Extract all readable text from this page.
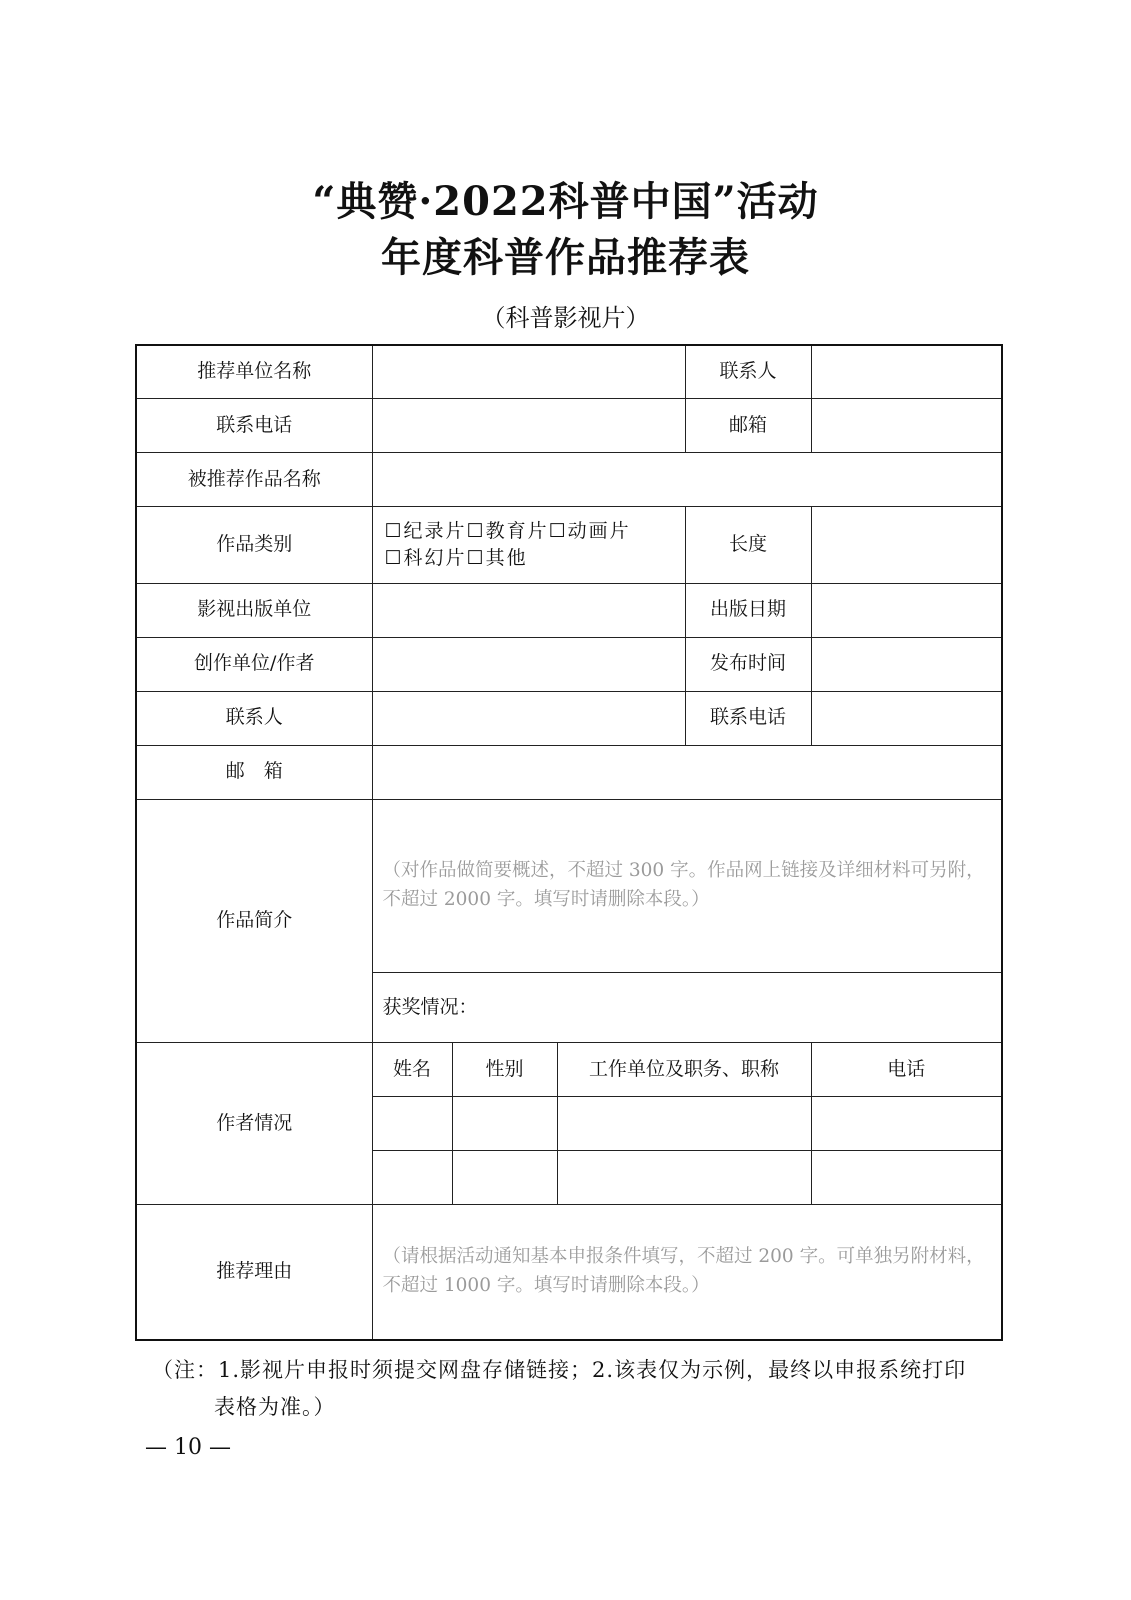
“典赞·2022科普中国”活动
年度科普作品推荐表
（科普影视片）
推荐单位名称				联系人	
联系电话				邮箱	
被推荐作品名称					
作品类别	☐纪录片☐教育片☐动画片
☐科幻片☐其他			长度	
影视出版单位				出版日期	
创作单位/作者				发布时间	
联系人				联系电话	
邮　箱					
作品简介	（对作品做简要概述，不超过 300 字。作品网上链接及详细材料可另附，不超过 2000 字。填写时请删除本段。）				
	获奖情况：				
作者情况	姓名	性别	工作单位及职务、职称		电话

推荐理由	（请根据活动通知基本申报条件填写，不超过 200 字。可单独另附材料，不超过 1000 字。填写时请删除本段。）				
（注：1.影视片申报时须提交网盘存储链接；2.该表仅为示例，最终以申报系统打印
表格为准。）
— 10 —
